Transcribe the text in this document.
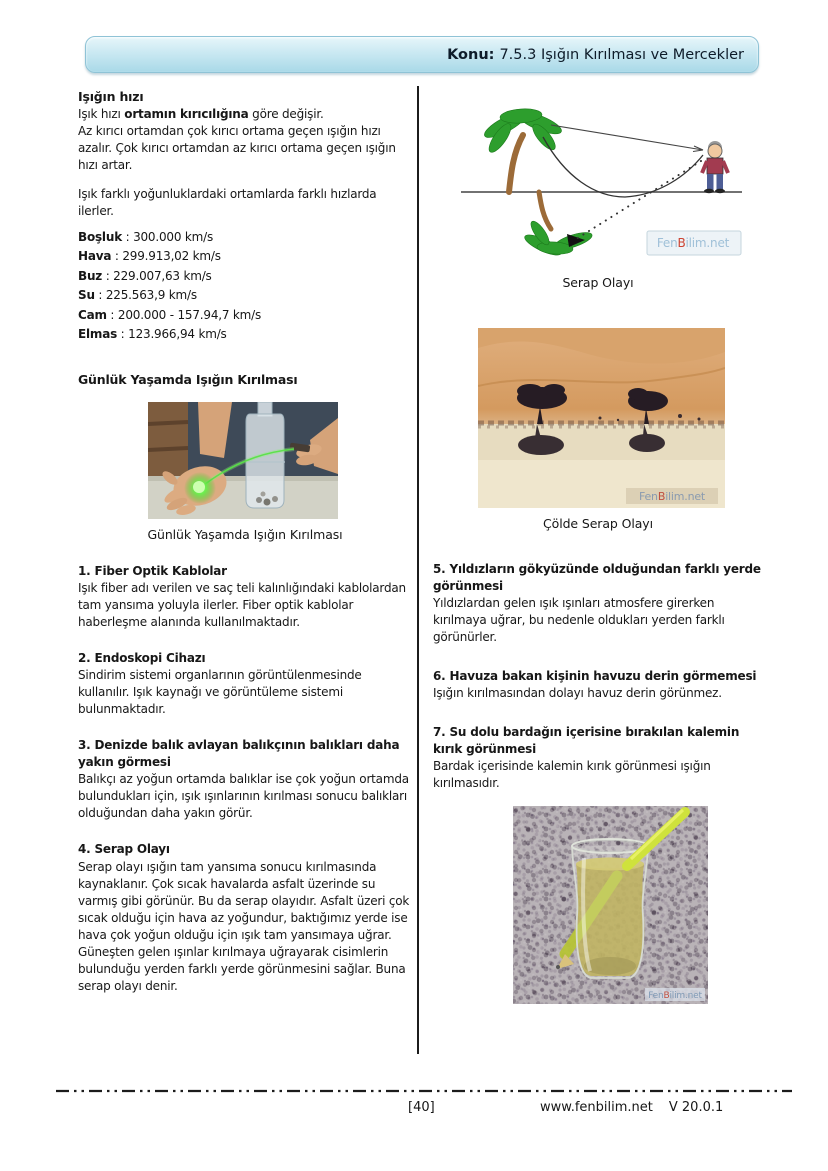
Konu: 7.5.3 Işığın Kırılması ve Mercekler
Işığın hızı

Işık hızı ortamın kırıcılığına göre değişir.

Az kırıcı ortamdan çok kırıcı ortama geçen ışığın hızı azalır. Çok kırıcı ortamdan az kırıcı ortama geçen ışığın hızı artar.

Işık farklı yoğunluklardaki ortamlarda farklı hızlarda ilerler.

Boşluk : 300.000 km/s
Hava : 299.913,02 km/s
Buz : 229.007,63 km/s
Su : 225.563,9 km/s
Cam : 200.000 - 157.94,7 km/s
Elmas : 123.966,94 km/s
Günlük Yaşamda Işığın Kırılması
Günlük Yaşamda Işığın Kırılması
1. Fiber Optik Kablolar
Işık fiber adı verilen ve saç teli kalınlığındaki kablolardan tam yansıma yoluyla ilerler. Fiber optik kablolar haberleşme alanında kullanılmaktadır.
2. Endoskopi Cihazı
Sindirim sistemi organlarının görüntülenmesinde kullanılır. Işık kaynağı ve görüntüleme sistemi bulunmaktadır.
3. Denizde balık avlayan balıkçının balıkları daha yakın görmesi
Balıkçı az yoğun ortamda balıklar ise çok yoğun ortamda bulundukları için, ışık ışınlarının kırılması sonucu balıkları olduğundan daha yakın görür.
4. Serap Olayı
Serap olayı ışığın tam yansıma sonucu kırılmasında kaynaklanır. Çok sıcak havalarda asfalt üzerinde su varmış gibi görünür. Bu da serap olayıdır. Asfalt üzeri çok sıcak olduğu için hava az yoğundur, baktığımız yerde ise hava çok yoğun olduğu için ışık tam yansımaya uğrar. Güneşten gelen ışınlar kırılmaya uğrayarak cisimlerin bulunduğu yerden farklı yerde görünmesini sağlar. Buna serap olayı denir.
FenBilim.net
Serap Olayı
FenBilim.net
Çölde Serap Olayı
5. Yıldızların gökyüzünde olduğundan farklı yerde görünmesi
Yıldızlardan gelen ışık ışınları atmosfere girerken kırılmaya uğrar, bu nedenle oldukları yerden farklı görünürler.
6. Havuza bakan kişinin havuzu derin görmemesi
Işığın kırılmasından dolayı havuz derin görünmez.
7. Su dolu bardağın içerisine bırakılan kalemin kırık görünmesi
Bardak içerisinde kalemin kırık görünmesi ışığın kırılmasıdır.
FenBilim.net
[40]	www.fenbilim.net V 20.0.1
